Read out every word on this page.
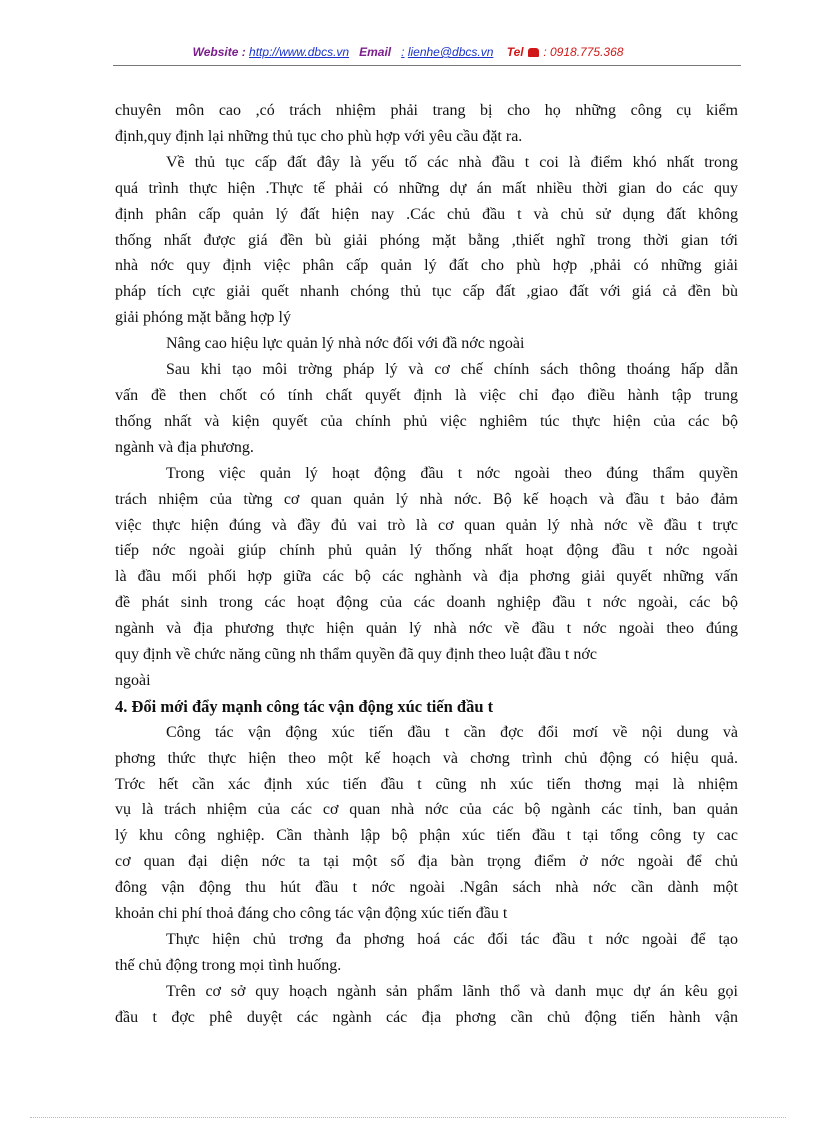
Website : http://www.dbcs.vn Email : lienhe@dbcs.vn Tel : 0918.775.368

chuyên môn cao ,có trách nhiệm phải trang bị cho họ những công cụ kiểm
định,quy định lại những thủ tục cho phù hợp với yêu cầu đặt ra.

Về thủ tục cấp đất đây là yếu tố các nhà đầu t coi là điểm khó nhất trong
quá trình thực hiện .Thực tế phải có những dự án mất nhiều thời gian do các quy
định phân cấp quản lý đất hiện nay .Các chủ đầu t và chủ sử dụng đất không
thống nhất được giá đền bù giải phóng mặt bằng ,thiết nghĩ trong thời gian tới
nhà nớc quy định việc phân cấp quản lý đất cho phù hợp ,phải có những giải
pháp tích cực giải quết nhanh chóng thủ tục cấp đất ,giao đất với giá cả đền bù
giải phóng mặt bằng hợp lý

Nâng cao hiệu lực quản lý nhà nớc đối với đầ nớc ngoài

Sau khi tạo môi trờng pháp lý và cơ chế chính sách thông thoáng hấp dẫn
vấn đề then chốt có tính chất quyết định là việc chỉ đạo điều hành tập trung
thống nhất và kiện quyết của chính phủ việc nghiêm túc thực hiện của các bộ
ngành và địa phương.

Trong việc quản lý hoạt động đầu t nớc ngoài theo đúng thẩm quyền
trách nhiệm của từng cơ quan quản lý nhà nớc. Bộ kế hoạch và đầu t bảo đảm
việc thực hiện đúng và đầy đủ vai trò là cơ quan quản lý nhà nớc về đầu t trực
tiếp nớc ngoài giúp chính phủ quản lý thống nhất hoạt động đầu t nớc ngoài
là đầu mối phối hợp giữa các bộ các nghành và địa phơng giải quyết những vấn
đề phát sinh trong các hoạt động của các doanh nghiệp đầu t nớc ngoài, các bộ
ngành và địa phương thực hiện quản lý nhà nớc về đầu t nớc ngoài theo đúng
quy định về chức năng cũng nh thẩm quyền đã quy định theo luật đầu t nớc
ngoài

4. Đổi mới đẩy mạnh công tác vận động xúc tiến đầu t

Công tác vận động xúc tiến đầu t cần đợc đổi mơí về nội dung và
phơng thức thực hiện theo một kế hoạch và chơng trình chủ động có hiệu quả.
Trớc hết cần xác định xúc tiến đầu t cũng nh xúc tiến thơng mại là nhiệm
vụ là trách nhiệm của các cơ quan nhà nớc của các bộ ngành các tỉnh, ban quản
lý khu công nghiệp. Cần thành lập bộ phận xúc tiến đầu t tại tổng công ty cac
cơ quan đại diện nớc ta tại một số địa bàn trọng điểm ở nớc ngoài để chủ
đông vận động thu hút đầu t nớc ngoài .Ngân sách nhà nớc cần dành một
khoản chi phí thoả đáng cho công tác vận động xúc tiến đầu t

Thực hiện chủ trơng đa phơng hoá các đối tác đầu t nớc ngoài để tạo
thế chủ động trong mọi tình huống.

Trên cơ sở quy hoạch ngành sản phẩm lãnh thổ và danh mục dự án kêu gọi
đầu t đợc phê duyệt các ngành các địa phơng cần chủ động tiến hành vận
